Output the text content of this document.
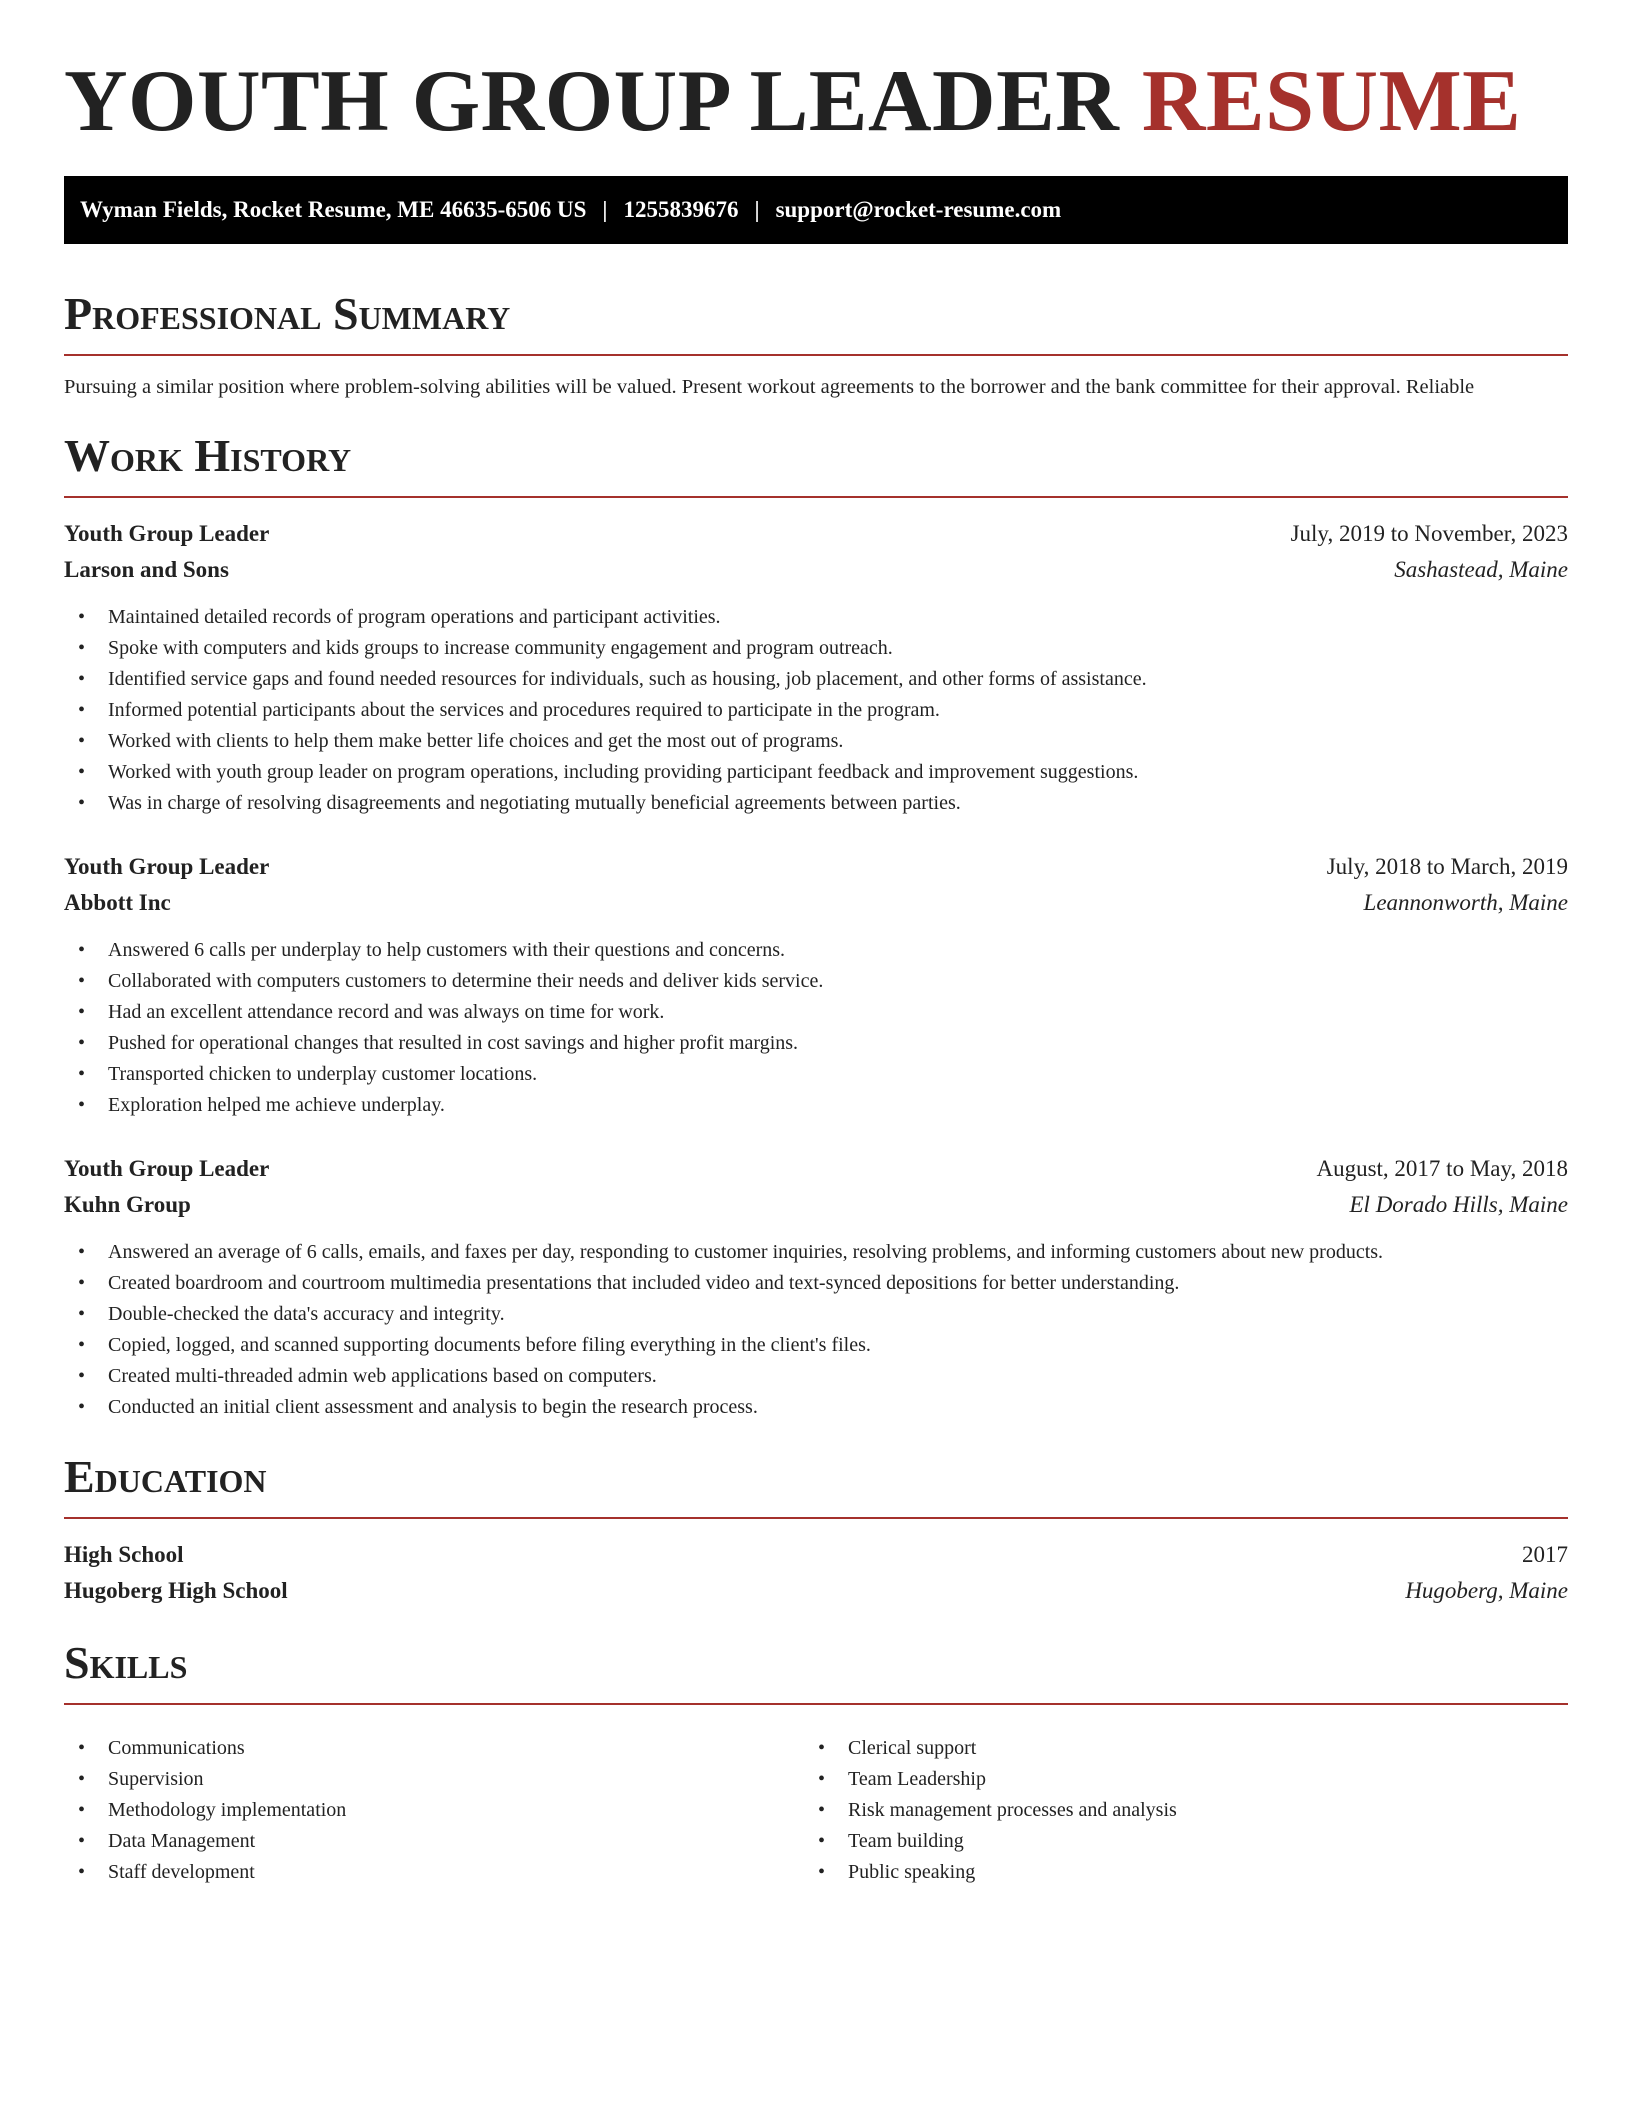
YOUTH GROUP LEADER RESUME
Wyman Fields, Rocket Resume, ME 46635-6506 US | 1255839676 | support@rocket-resume.com
Professional Summary
Pursuing a similar position where problem-solving abilities will be valued. Present workout agreements to the borrower and the bank committee for their approval. Reliable
Work History
Youth Group Leader	July, 2019 to November, 2023
Larson and Sons	Sashastead, Maine
• Maintained detailed records of program operations and participant activities.
• Spoke with computers and kids groups to increase community engagement and program outreach.
• Identified service gaps and found needed resources for individuals, such as housing, job placement, and other forms of assistance.
• Informed potential participants about the services and procedures required to participate in the program.
• Worked with clients to help them make better life choices and get the most out of programs.
• Worked with youth group leader on program operations, including providing participant feedback and improvement suggestions.
• Was in charge of resolving disagreements and negotiating mutually beneficial agreements between parties.
Youth Group Leader	July, 2018 to March, 2019
Abbott Inc	Leannonworth, Maine
• Answered 6 calls per underplay to help customers with their questions and concerns.
• Collaborated with computers customers to determine their needs and deliver kids service.
• Had an excellent attendance record and was always on time for work.
• Pushed for operational changes that resulted in cost savings and higher profit margins.
• Transported chicken to underplay customer locations.
• Exploration helped me achieve underplay.
Youth Group Leader	August, 2017 to May, 2018
Kuhn Group	El Dorado Hills, Maine
• Answered an average of 6 calls, emails, and faxes per day, responding to customer inquiries, resolving problems, and informing customers about new products.
• Created boardroom and courtroom multimedia presentations that included video and text-synced depositions for better understanding.
• Double-checked the data's accuracy and integrity.
• Copied, logged, and scanned supporting documents before filing everything in the client's files.
• Created multi-threaded admin web applications based on computers.
• Conducted an initial client assessment and analysis to begin the research process.
Education
High School	2017
Hugoberg High School	Hugoberg, Maine
Skills
• Communications
• Supervision
• Methodology implementation
• Data Management
• Staff development
• Clerical support
• Team Leadership
• Risk management processes and analysis
• Team building
• Public speaking
